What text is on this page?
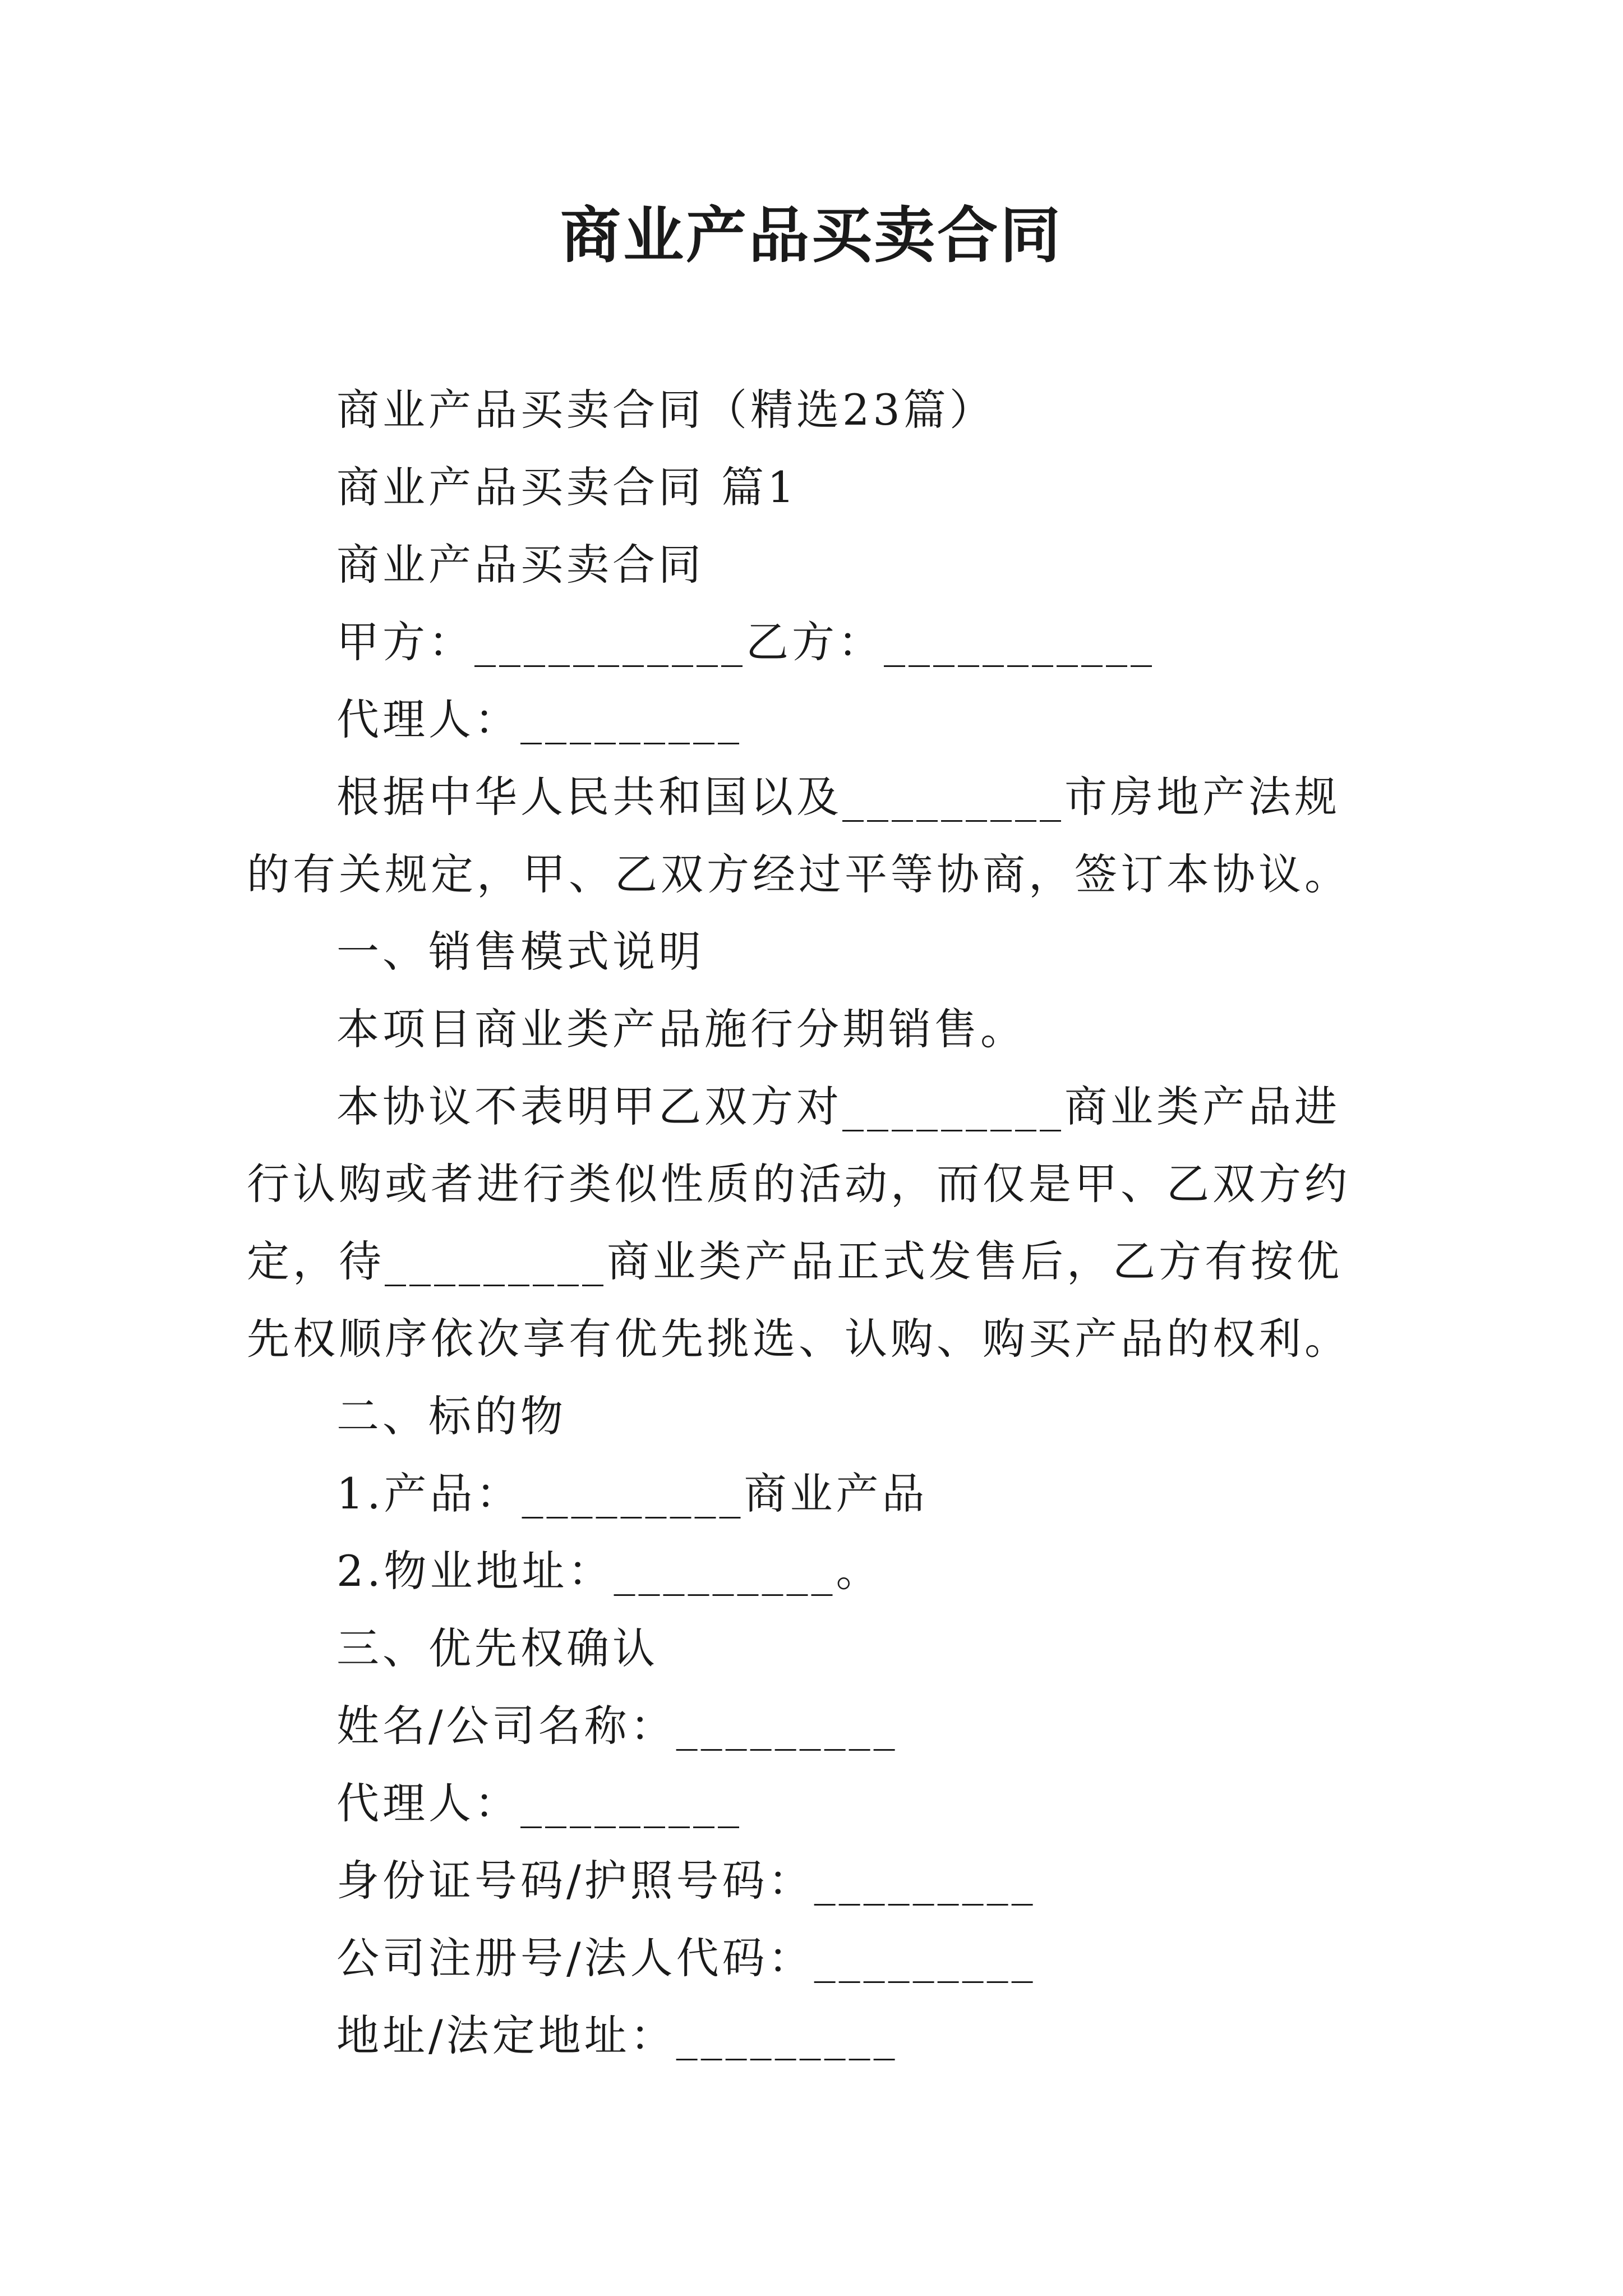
商业产品买卖合同

商业产品买卖合同（精选23篇）

商业产品买卖合同 篇1

商业产品买卖合同

甲方：___________乙方：___________

代理人：_________

根据中华人民共和国以及_________市房地产法规的有关规定，甲、乙双方经过平等协商，签订本协议。

一、销售模式说明

本项目商业类产品施行分期销售。

本协议不表明甲乙双方对_________商业类产品进行认购或者进行类似性质的活动，而仅是甲、乙双方约定，待_________商业类产品正式发售后，乙方有按优先权顺序依次享有优先挑选、认购、购买产品的权利。

二、标的物

1.产品：_________商业产品

2.物业地址：_________。

三、优先权确认

姓名/公司名称：_________

代理人：_________

身份证号码/护照号码：_________

公司注册号/法人代码：_________

地址/法定地址：_________
